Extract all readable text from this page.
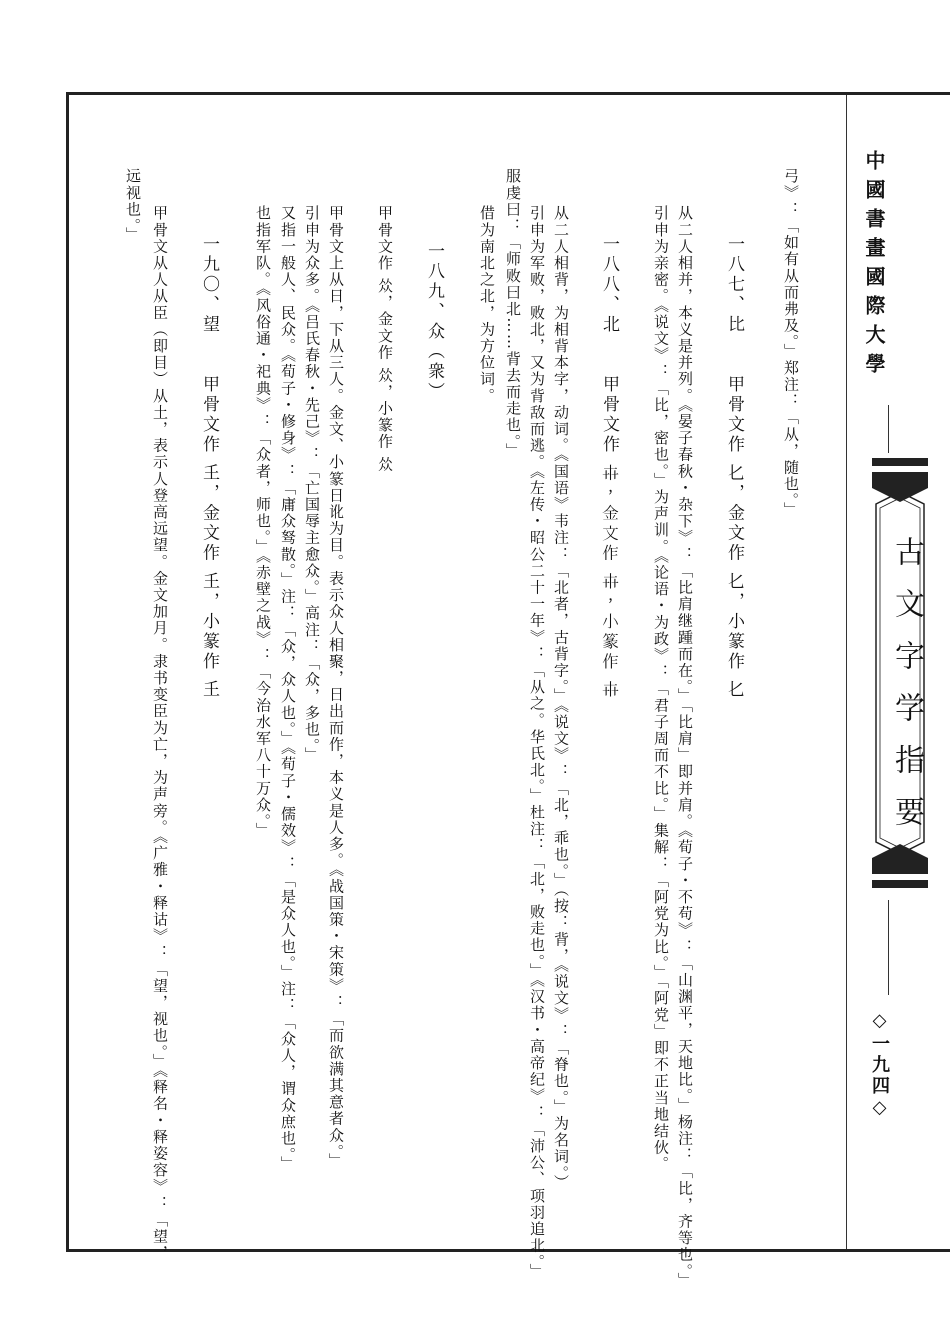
中國書畫國際大學
古文字学指要
◇一九四◇
弓》：「如有从而弗及。」郑注：「从，随也。」
一八七、比　　甲骨文作 𠤎，金文作 𠤎，小篆作 𠤎
从二人相并，本义是并列。《晏子春秋・杂下》：「比肩继踵而在。」「比肩」即并肩。《荀子・不苟》：「山渊平，天地比。」杨注：「比，齐等也。」
引申为亲密。《说文》：「比，密也。」为声训。《论语・为政》：「君子周而不比。」集解：「阿党为比。」「阿党」即不正当地结伙。
一八八、北　　甲骨文作 𠦃，金文作 𠦃，小篆作 𠦃
从二人相背，为相背本字，动词。《国语》韦注：「北者，古背字。」《说文》：「北，乖也。」（按：背，《说文》：「脊也。」为名词。）
引申为军败，败北，又为背敌而逃。《左传・昭公二十一年》：「从之。华氏北。」杜注：「北，败走也。」《汉书・高帝纪》：「沛公、项羽追北。」
服虔曰：「师败曰北……背去而走也。」
借为南北之北，为方位词。
一八九、众（衆）
甲骨文作 𠈌，金文作 𠈌，小篆作 𠈌
甲骨文上从日，下从三人。金文、小篆日讹为目。表示众人相聚，日出而作，本义是人多。《战国策・宋策》：「而欲满其意者众。」
引申为众多。《吕氏春秋・先己》：「亡国辱主愈众。」高注：「众，多也。」
又指一般人、民众。《荀子・修身》：「庸众驽散。」注：「众，众人也。」《荀子・儒效》：「是众人也。」注：「众人，谓众庶也。」
也指军队。《风俗通・祀典》：「众者，师也。」《赤壁之战》：「今治水军八十万众。」
一九〇、望　　甲骨文作 𡈼，金文作 𡈼，小篆作 𡈼
甲骨文从人从臣（即目）从土，表示人登高远望。金文加月。隶书变臣为亡，为声旁。《广雅・释诂》：「望，视也。」《释名・释姿容》：「望，
远视也。」
